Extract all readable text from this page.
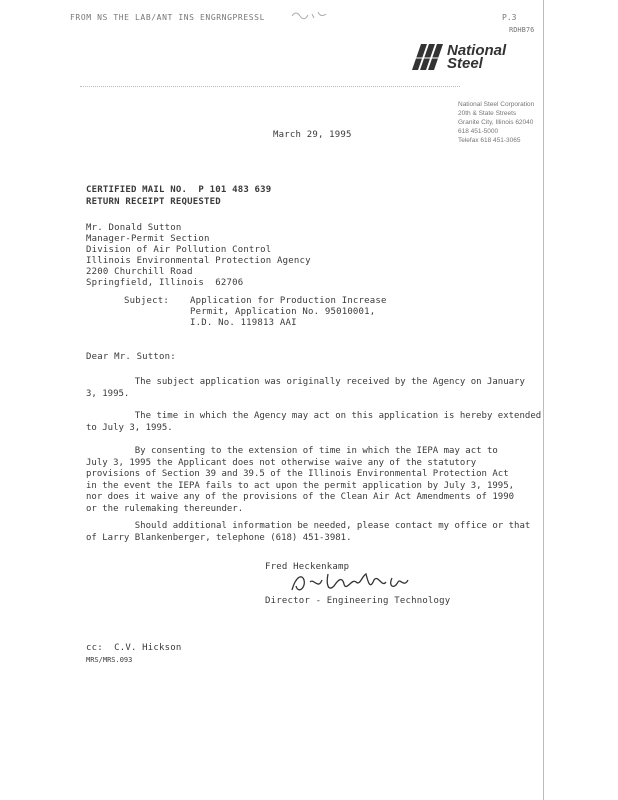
FROM NS THE LAB/ANT INS ENGRNGPRESSL	P.3
RDHB76
National
Steel
National Steel Corporation
20th & State Streets
Granite City, Illinois 62040
618 451-5000
Telefax 618 451-3065
March 29, 1995
CERTIFIED MAIL NO.  P 101 483 639
RETURN RECEIPT REQUESTED
Mr. Donald Sutton
Manager-Permit Section
Division of Air Pollution Control
Illinois Environmental Protection Agency
2200 Churchill Road
Springfield, Illinois  62706
Subject: Application for Production Increase
Permit, Application No. 95010001,
I.D. No. 119813 AAI
Dear Mr. Sutton:
The subject application was originally received by the Agency on January
3, 1995.
The time in which the Agency may act on this application is hereby extended
to July 3, 1995.
By consenting to the extension of time in which the IEPA may act to
July 3, 1995 the Applicant does not otherwise waive any of the statutory
provisions of Section 39 and 39.5 of the Illinois Environmental Protection Act
in the event the IEPA fails to act upon the permit application by July 3, 1995,
nor does it waive any of the provisions of the Clean Air Act Amendments of 1990
or the rulemaking thereunder.
Should additional information be needed, please contact my office or that
of Larry Blankenberger, telephone (618) 451-3981.
Fred Heckenkamp
Director - Engineering Technology
cc:  C.V. Hickson
MRS/MRS.093
